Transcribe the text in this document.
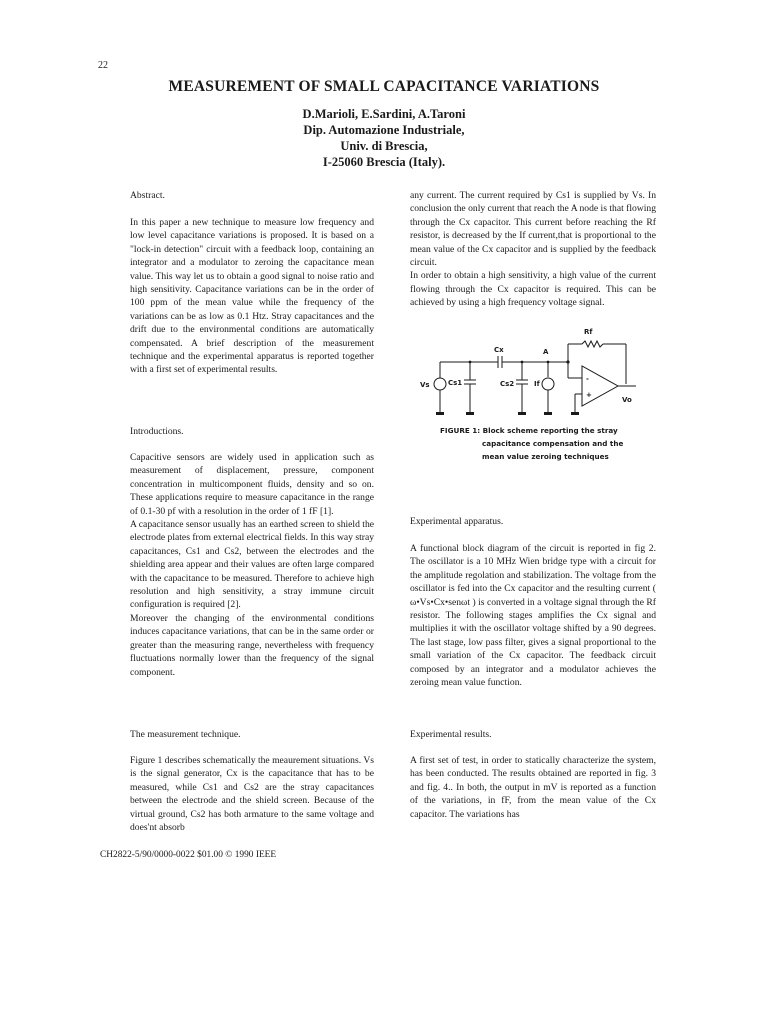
22
MEASUREMENT OF SMALL CAPACITANCE VARIATIONS
D.Marioli, E.Sardini, A.Taroni
Dip. Automazione Industriale,
Univ. di Brescia,
I-25060 Brescia (Italy).
Abstract.
In this paper a new technique to measure low frequency and low level capacitance variations is proposed. It is based on a "lock-in detection" circuit with a feedback loop, containing an integrator and a modulator to zeroing the capacitance mean value. This way let us to obtain a good signal to noise ratio and high sensitivity. Capacitance variations can be in the order of 100 ppm of the mean value while the frequency of the variations can be as low as 0.1 Htz. Stray capacitances and the drift due to the environmental conditions are automatically compensated. A brief description of the measurement technique and the experimental apparatus is reported together with a first set of experimental results.
Introductions.

Capacitive sensors are widely used in application such as measurement of displacement, pressure, component concentration in multicomponent fluids, density and so on. These applications require to measure capacitance in the range of 0.1-30 pf with a resolution in the order of 1 fF [1].

A capacitance sensor usually has an earthed screen to shield the electrode plates from external electrical fields. In this way stray capacitances, Cs1 and Cs2, between the electrodes and the shielding area appear and their values are often large compared with the capacitance to be measured. Therefore to achieve high resolution and high sensitivity, a stray immune circuit configuration is required [2].

Moreover the changing of the environmental conditions induces capacitance variations, that can be in the same order or greater than the measuring range, nevertheless with frequency fluctuations normally lower than the frequency of the signal component.

The measurement technique.
Figure 1 describes schematically the meaurement situations. Vs is the signal generator, Cx is the capacitance that has to be measured, while Cs1 and Cs2 are the stray capacitances between the electrode and the shield screen. Because of the virtual ground, Cs2 has both armature to the same voltage and does'nt absorb

any current. The current required by Cs1 is supplied by Vs. In conclusion the only current that reach the A node is that flowing through the Cx capacitor. This current before reaching the Rf resistor, is decreased by the If current,that is proportional to the mean value of the Cx capacitor and is supplied by the feedback circuit.

In order to obtain a high sensitivity, a high value of the current flowing through the Cx capacitor is required. This can be achieved by using a high frequency voltage signal.

Rf
Cx	A
Vs	Cs1	Cs2	If
-
+
Vo
FIGURE 1: Block scheme reporting the stray
capacitance compensation and the
mean value zeroing techniques
Experimental apparatus.
A functional block diagram of the circuit is reported in fig 2. The oscillator is a 10 MHz Wien bridge type with a circuit for the amplitude regolation and stabilization. The voltage from the oscillator is fed into the Cx capacitor and the resulting current ( ω•Vs•Cx•senωt ) is converted in a voltage signal through the Rf resistor. The following stages amplifies the Cx signal and multiplies it with the oscillator voltage shifted by a 90 degrees. The last stage, low pass filter, gives a signal proportional to the small variation of the Cx capacitor. The feedback circuit composed by an integrator and a modulator achieves the zeroing mean value function.
Experimental results.
A first set of test, in order to statically characterize the system, has been conducted. The results obtained are reported in fig. 3 and fig. 4.. In both, the output in mV is reported as a function of the variations, in fF, from the mean value of the Cx capacitor. The variations has
CH2822-5/90/0000-0022 $01.00 © 1990 IEEE
